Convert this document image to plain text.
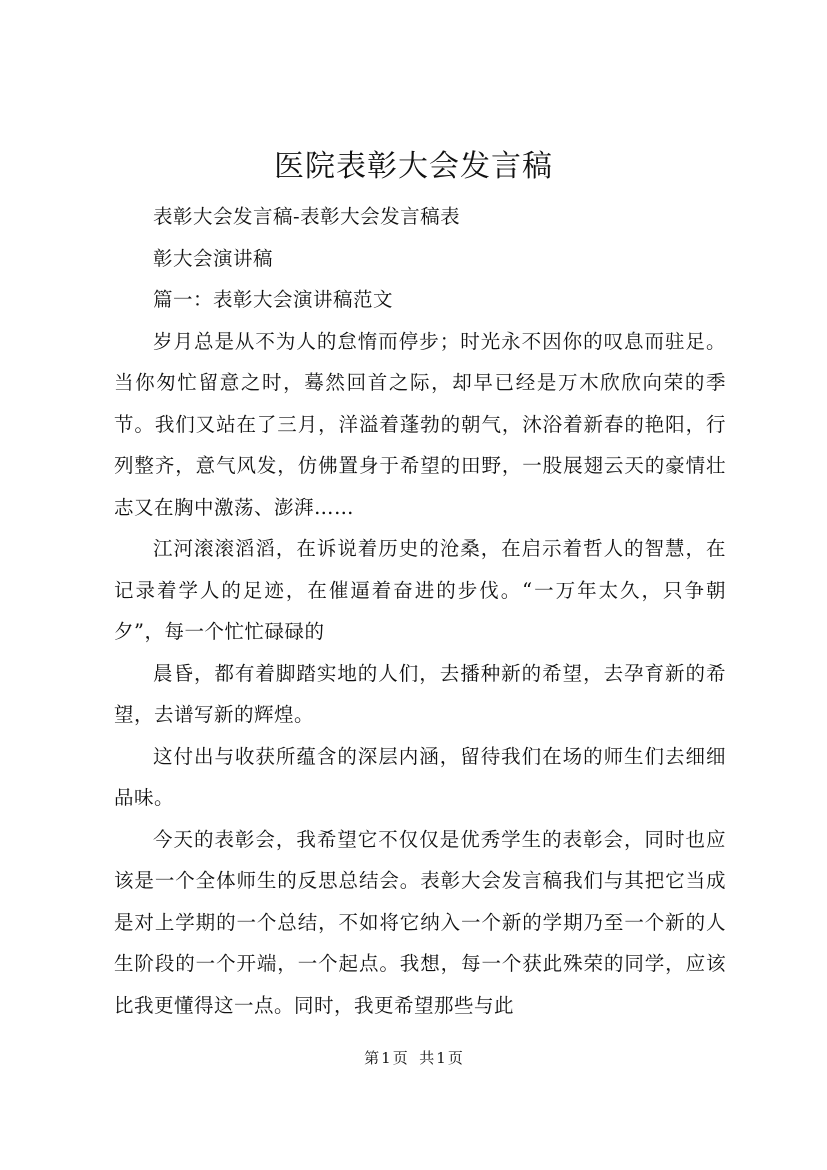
医院表彰大会发言稿

表彰大会发言稿-表彰大会发言稿表

彰大会演讲稿

篇一：表彰大会演讲稿范文

岁月总是从不为人的怠惰而停步；时光永不因你的叹息而驻足。当你匆忙留意之时，蓦然回首之际，却早已经是万木欣欣向荣的季节。我们又站在了三月，洋溢着蓬勃的朝气，沐浴着新春的艳阳，行列整齐，意气风发，仿佛置身于希望的田野，一股展翅云天的豪情壮志又在胸中激荡、澎湃……

江河滚滚滔滔，在诉说着历史的沧桑，在启示着哲人的智慧，在记录着学人的足迹，在催逼着奋进的步伐。“一万年太久，只争朝夕”，每一个忙忙碌碌的

晨昏，都有着脚踏实地的人们，去播种新的希望，去孕育新的希望，去谱写新的辉煌。

这付出与收获所蕴含的深层内涵，留待我们在场的师生们去细细品味。

今天的表彰会，我希望它不仅仅是优秀学生的表彰会，同时也应该是一个全体师生的反思总结会。表彰大会发言稿我们与其把它当成是对上学期的一个总结，不如将它纳入一个新的学期乃至一个新的人生阶段的一个开端，一个起点。我想，每一个获此殊荣的同学，应该比我更懂得这一点。同时，我更希望那些与此

第 1 页 共 1 页
